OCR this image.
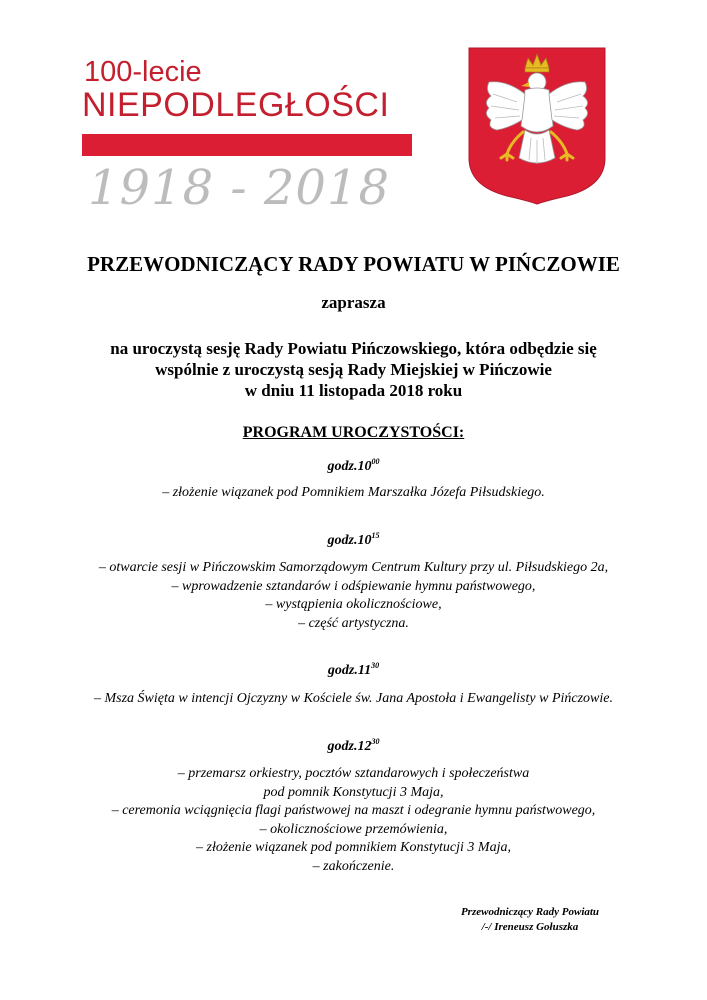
100-lecie
NIEPODLEGŁOŚCI
1918 - 2018
PRZEWODNICZĄCY RADY POWIATU W PIŃCZOWIE
zaprasza
na uroczystą sesję Rady Powiatu Pińczowskiego, która odbędzie się
wspólnie z uroczystą sesją Rady Miejskiej w Pińczowie
w dniu 11 listopada 2018 roku
PROGRAM UROCZYSTOŚCI:
$godz.10^{00}$
– złożenie wiązanek pod Pomnikiem Marszałka Józefa Piłsudskiego.
$godz.10^{15}$
– otwarcie sesji w Pińczowskim Samorządowym Centrum Kultury przy ul. Piłsudskiego 2a,
– wprowadzenie sztandarów i odśpiewanie hymnu państwowego,
– wystąpienia okolicznościowe,
– część artystyczna.
$godz.11^{30}$
– Msza Święta w intencji Ojczyzny w Kościele św. Jana Apostoła i Ewangelisty w Pińczowie.
$godz.12^{30}$
– przemarsz orkiestry, pocztów sztandarowych i społeczeństwa
pod pomnik Konstytucji 3 Maja,
– ceremonia wciągnięcia flagi państwowej na maszt i odegranie hymnu państwowego,
– okolicznościowe przemówienia,
– złożenie wiązanek pod pomnikiem Konstytucji 3 Maja,
– zakończenie.
Przewodniczący Rady Powiatu
/-/ Ireneusz Gołuszka
